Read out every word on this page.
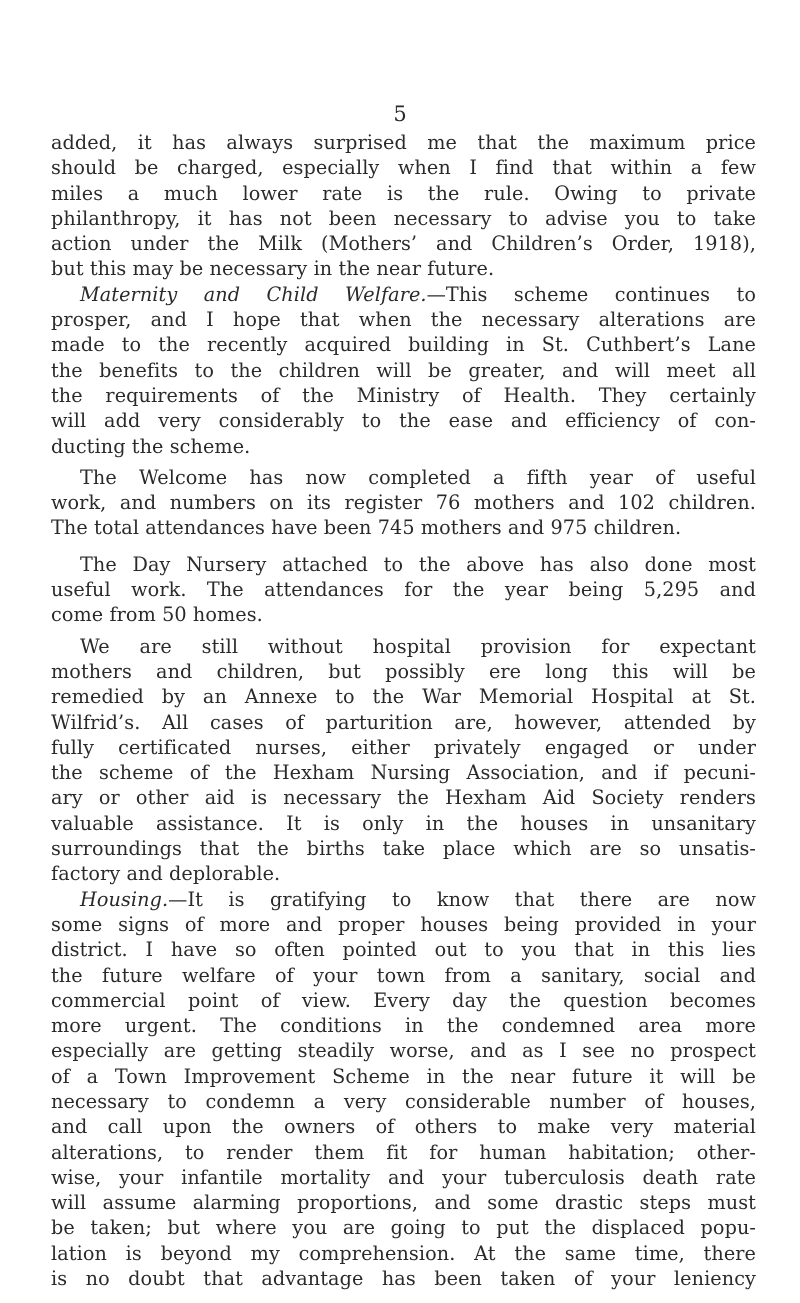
5
added, it has always surprised me that the maximum price
should be charged, especially when I find that within a few
miles a much lower rate is the rule. Owing to private
philanthropy, it has not been necessary to advise you to take
action under the Milk (Mothers’ and Children’s Order, 1918),
but this may be necessary in the near future.
Maternity and Child Welfare.—This scheme continues to
prosper, and I hope that when the necessary alterations are
made to the recently acquired building in St. Cuthbert’s Lane
the benefits to the children will be greater, and will meet all
the requirements of the Ministry of Health. They certainly
will add very considerably to the ease and efficiency of con-
ducting the scheme.
The Welcome has now completed a fifth year of useful
work, and numbers on its register 76 mothers and 102 children.
The total attendances have been 745 mothers and 975 children.
The Day Nursery attached to the above has also done most
useful work. The attendances for the year being 5,295 and
come from 50 homes.
We are still without hospital provision for expectant
mothers and children, but possibly ere long this will be
remedied by an Annexe to the War Memorial Hospital at St.
Wilfrid’s. All cases of parturition are, however, attended by
fully certificated nurses, either privately engaged or under
the scheme of the Hexham Nursing Association, and if pecuni-
ary or other aid is necessary the Hexham Aid Society renders
valuable assistance. It is only in the houses in unsanitary
surroundings that the births take place which are so unsatis-
factory and deplorable.
Housing.—It is gratifying to know that there are now
some signs of more and proper houses being provided in your
district. I have so often pointed out to you that in this lies
the future welfare of your town from a sanitary, social and
commercial point of view. Every day the question becomes
more urgent. The conditions in the condemned area more
especially are getting steadily worse, and as I see no prospect
of a Town Improvement Scheme in the near future it will be
necessary to condemn a very considerable number of houses,
and call upon the owners of others to make very material
alterations, to render them fit for human habitation; other-
wise, your infantile mortality and your tuberculosis death rate
will assume alarming proportions, and some drastic steps must
be taken; but where you are going to put the displaced popu-
lation is beyond my comprehension. At the same time, there
is no doubt that advantage has been taken of your leniency
